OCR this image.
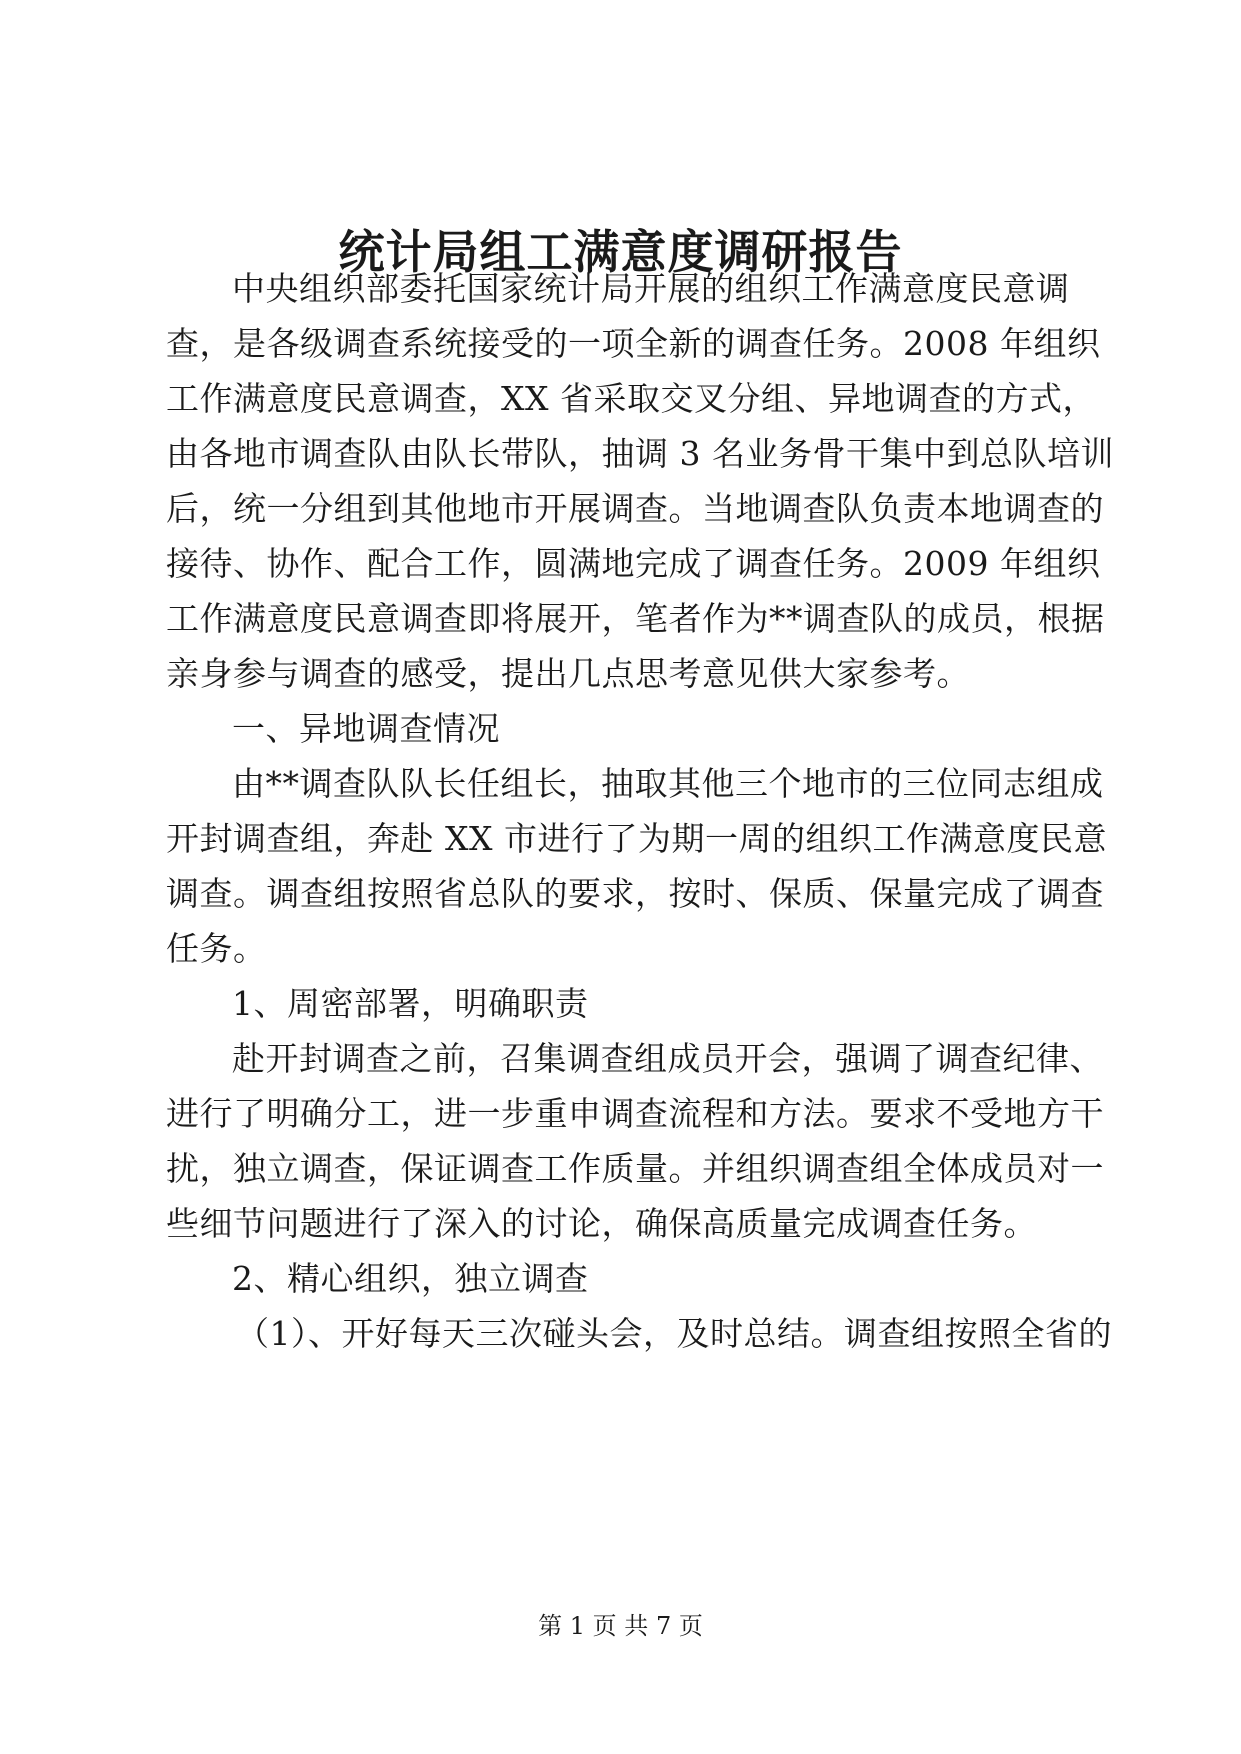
统计局组工满意度调研报告
中央组织部委托国家统计局开展的组织工作满意度民意调
查，是各级调查系统接受的一项全新的调查任务。2008 年组织
工作满意度民意调查，XX 省采取交叉分组、异地调查的方式，
由各地市调查队由队长带队，抽调 3 名业务骨干集中到总队培训
后，统一分组到其他地市开展调查。当地调查队负责本地调查的
接待、协作、配合工作，圆满地完成了调查任务。2009 年组织
工作满意度民意调查即将展开，笔者作为**调查队的成员，根据
亲身参与调查的感受，提出几点思考意见供大家参考。
一、异地调查情况
由**调查队队长任组长，抽取其他三个地市的三位同志组成
开封调查组，奔赴 XX 市进行了为期一周的组织工作满意度民意
调查。调查组按照省总队的要求，按时、保质、保量完成了调查
任务。
1、周密部署，明确职责
赴开封调查之前，召集调查组成员开会，强调了调查纪律、
进行了明确分工，进一步重申调查流程和方法。要求不受地方干
扰，独立调查，保证调查工作质量。并组织调查组全体成员对一
些细节问题进行了深入的讨论，确保高质量完成调查任务。
2、精心组织，独立调查
（1）、开好每天三次碰头会，及时总结。调查组按照全省的
第 1 页 共 7 页
